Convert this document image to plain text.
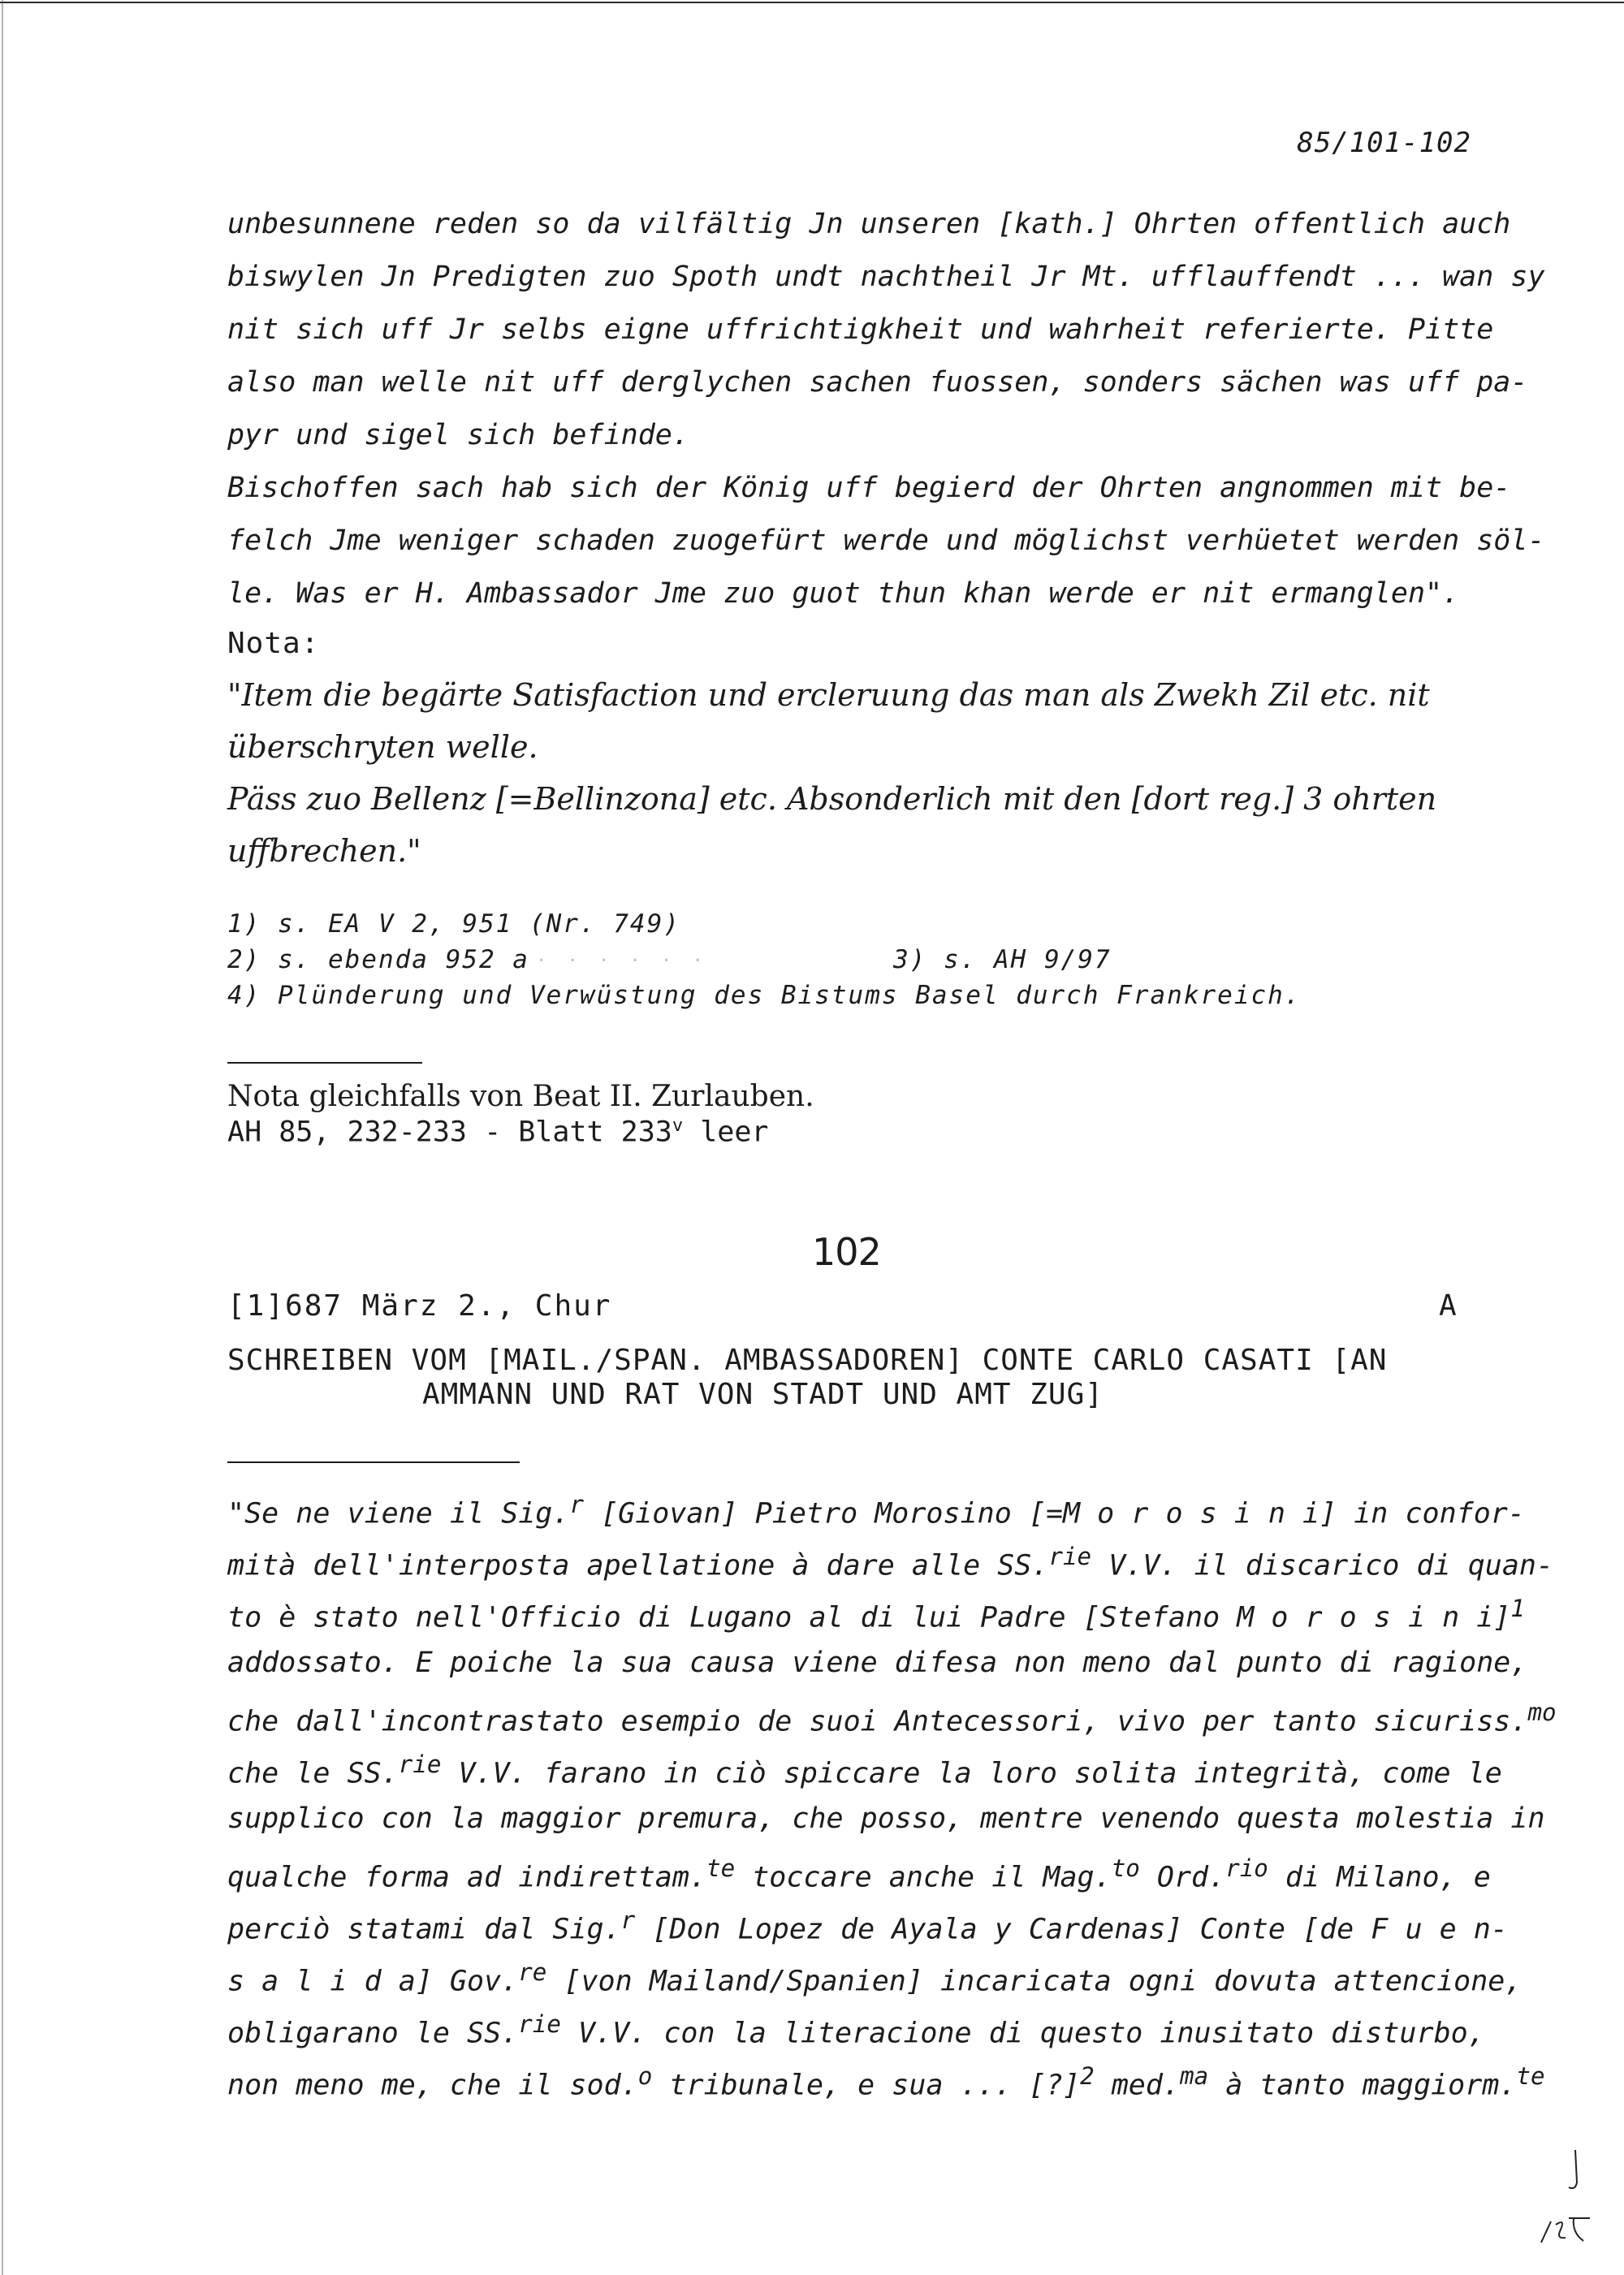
85/101-102
unbesunnene reden so da vilfältig Jn unseren [kath.] Ohrten offentlich auch
biswylen Jn Predigten zuo Spoth undt nachtheil Jr Mt. ufflauffendt ... wan sy
nit sich uff Jr selbs eigne uffrichtigkheit und wahrheit referierte. Pitte
also man welle nit uff derglychen sachen fuossen, sonders sächen was uff pa-
pyr und sigel sich befinde.
Bischoffen sach hab sich der König uff begierd der Ohrten angnommen mit be-
felch Jme weniger schaden zuogefürt werde und möglichst verhüetet werden söl-
le. Was er H. Ambassador Jme zuo guot thun khan werde er nit ermanglen".
Nota:
"Item die begärte Satisfaction und ercleruung das man als Zwekh Zil etc. nit
überschryten welle.
Päss zuo Bellenz [=Bellinzona] etc. Absonderlich mit den [dort reg.] 3 ohrten
uffbrechen."
1) s. EA V 2, 951 (Nr. 749)
2) s. ebenda 952 a	3) s. AH 9/97
4) Plünderung und Verwüstung des Bistums Basel durch Frankreich.
. . . . . .
Nota gleichfalls von Beat II. Zurlauben.
AH 85, 232-233 - Blatt 233$^v$ leer
102
[1]687 März 2., Chur	A
SCHREIBEN VOM [MAIL./SPAN. AMBASSADOREN] CONTE CARLO CASATI [AN
AMMANN UND RAT VON STADT UND AMT ZUG]
"Se ne viene il Sig.$^r$ [Giovan] Pietro Morosino [=M o r o s i n i] in confor-
mità dell'interposta apellatione à dare alle SS.$^{rie}$ V.V. il discarico di quan-
to è stato nell'Officio di Lugano al di lui Padre [Stefano M o r o s i n i]$^1$
addossato. E poiche la sua causa viene difesa non meno dal punto di ragione,
che dall'incontrastato esempio de suoi Antecessori, vivo per tanto sicuriss.$^{mo}$
che le SS.$^{rie}$ V.V. farano in ciò spiccare la loro solita integrità, come le
supplico con la maggior premura, che posso, mentre venendo questa molestia in
qualche forma ad indirettam.$^{te}$ toccare anche il Mag.$^{to}$ Ord.$^{rio}$ di Milano, e
perciò statami dal Sig.$^r$ [Don Lopez de Ayala y Cardenas] Conte [de F u e n-
s a l i d a] Gov.$^{re}$ [von Mailand/Spanien] incaricata ogni dovuta attencione,
obligarano le SS.$^{rie}$ V.V. con la literacione di questo inusitato disturbo,
non meno me, che il sod.$^o$ tribunale, e sua ... [?]$^2$ med.$^{ma}$ à tanto maggiorm.$^{te}$
